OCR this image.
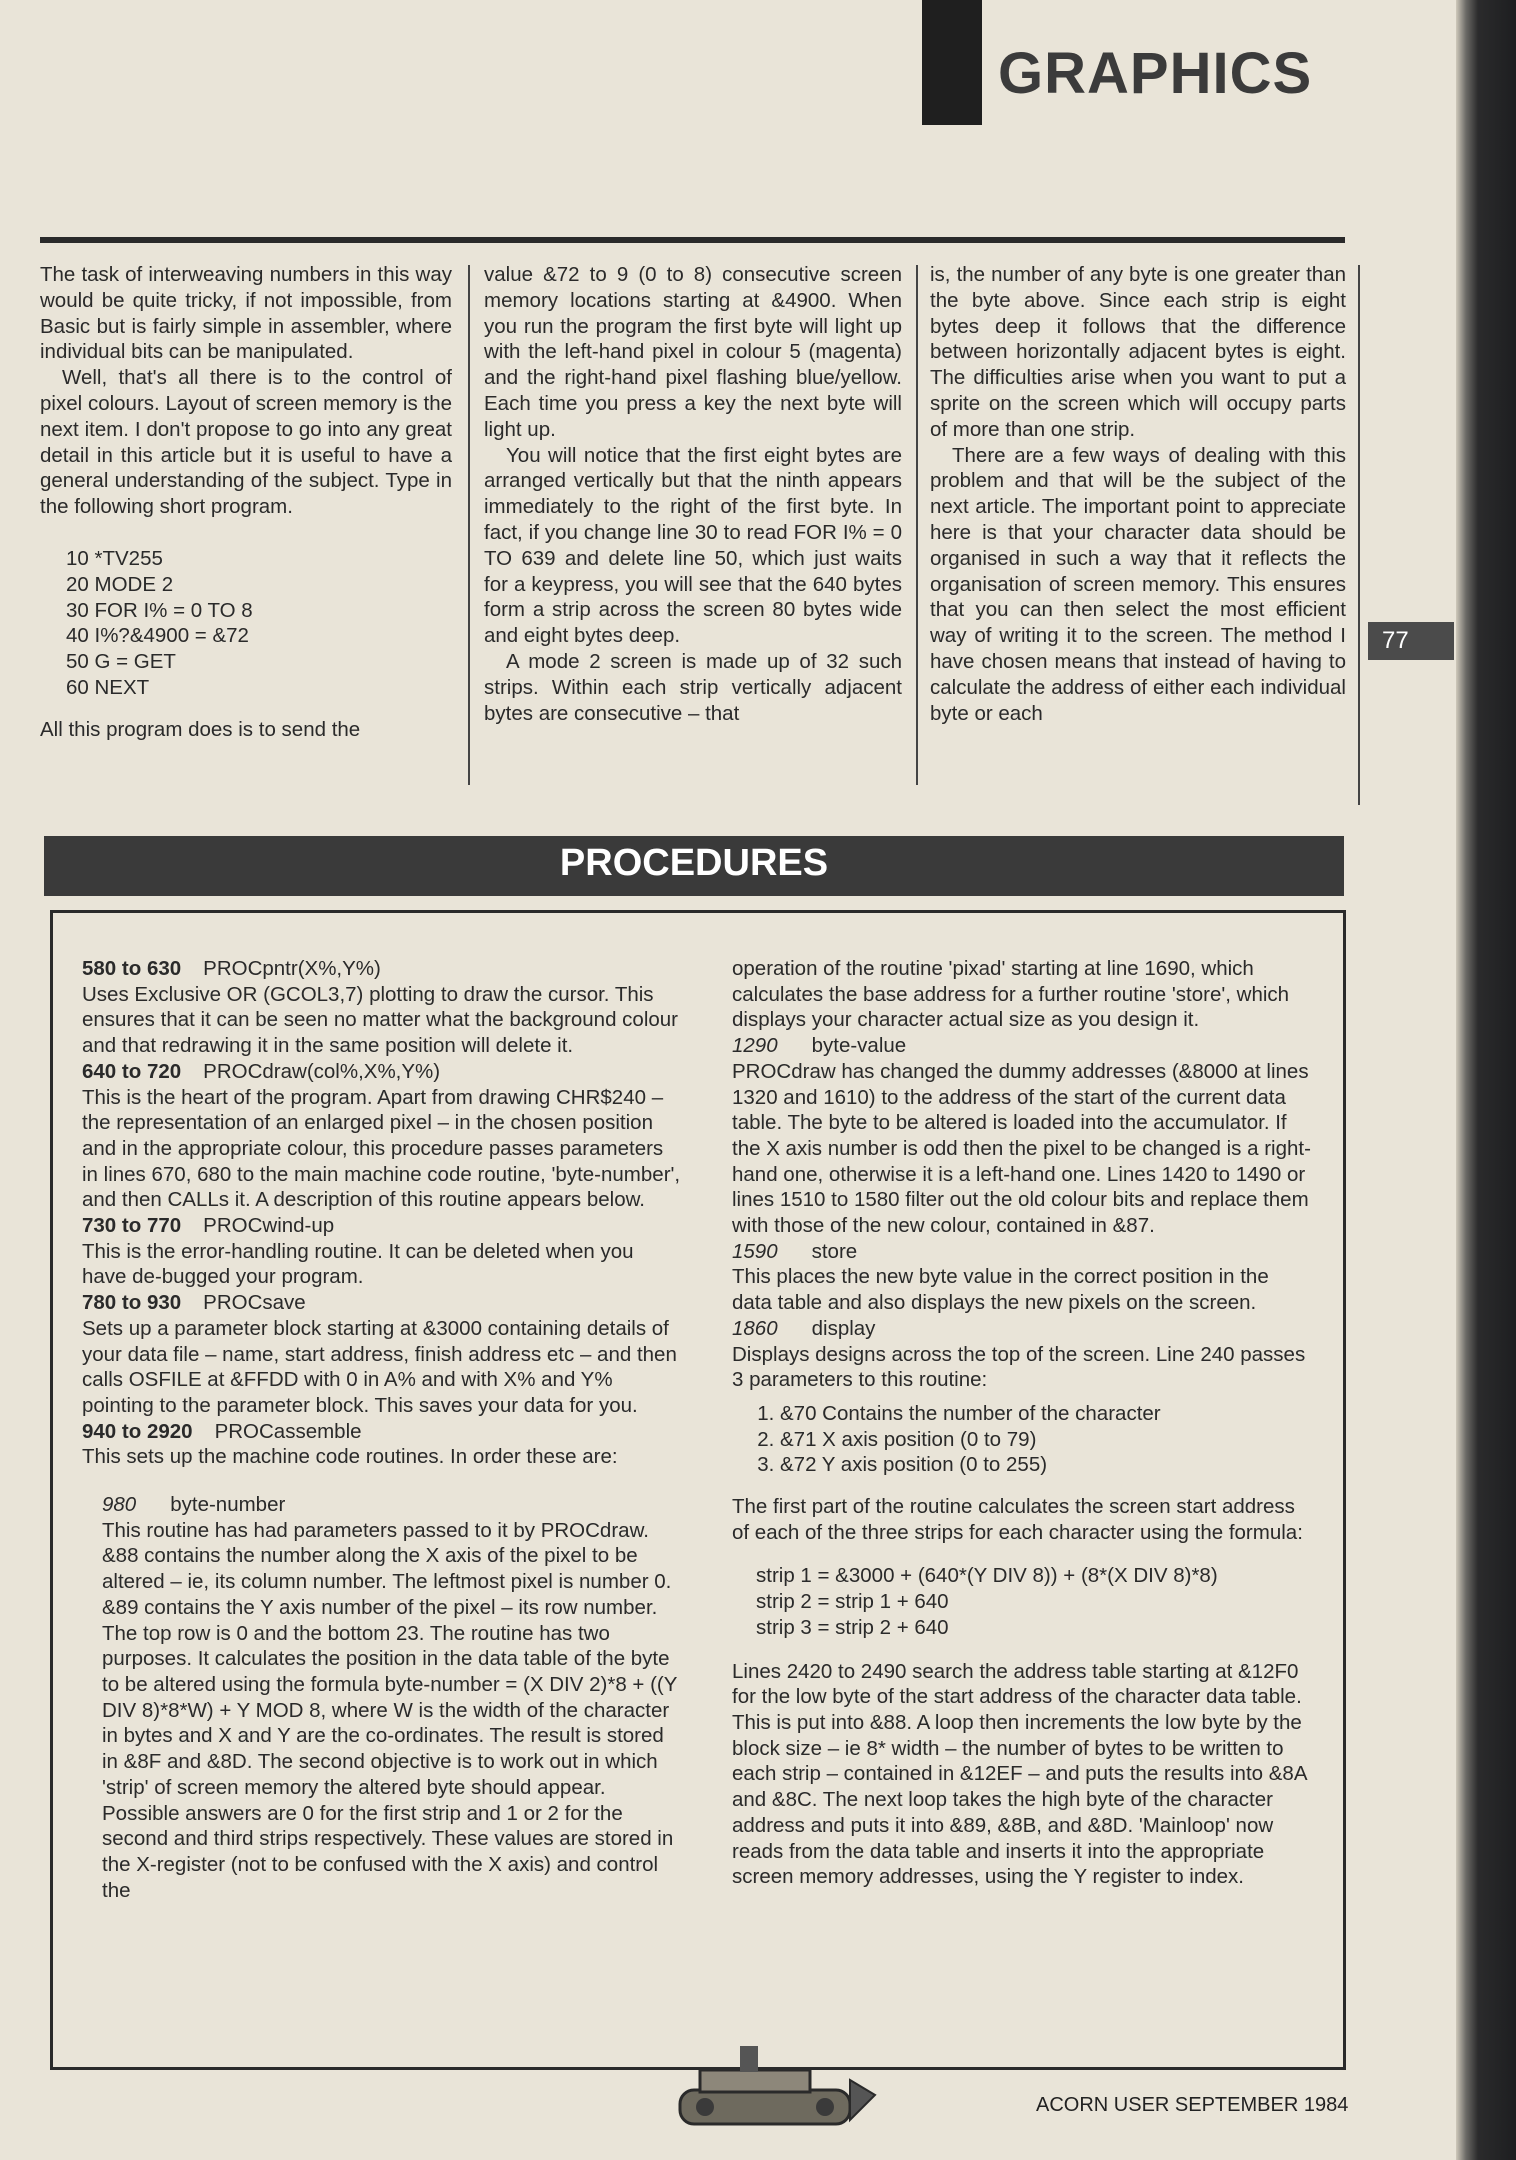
GRAPHICS

The task of interweaving numbers in this way would be quite tricky, if not impossible, from Basic but is fairly simple in assembler, where individual bits can be manipulated.

Well, that's all there is to the control of pixel colours. Layout of screen memory is the next item. I don't propose to go into any great detail in this article but it is useful to have a general understanding of the subject. Type in the following short program.

10 *TV255
20 MODE 2
30 FOR I% = 0 TO 8
40 I%?&4900 = &72
50 G = GET
60 NEXT

All this program does is to send the

value &72 to 9 (0 to 8) consecutive screen memory locations starting at &4900. When you run the program the first byte will light up with the left-hand pixel in colour 5 (magenta) and the right-hand pixel flashing blue/yellow. Each time you press a key the next byte will light up.

You will notice that the first eight bytes are arranged vertically but that the ninth appears immediately to the right of the first byte. In fact, if you change line 30 to read FOR I% = 0 TO 639 and delete line 50, which just waits for a keypress, you will see that the 640 bytes form a strip across the screen 80 bytes wide and eight bytes deep.

A mode 2 screen is made up of 32 such strips. Within each strip vertically adjacent bytes are consecutive – that

is, the number of any byte is one greater than the byte above. Since each strip is eight bytes deep it follows that the difference between horizontally adjacent bytes is eight. The difficulties arise when you want to put a sprite on the screen which will occupy parts of more than one strip.

There are a few ways of dealing with this problem and that will be the subject of the next article. The important point to appreciate here is that your character data should be organised in such a way that it reflects the organisation of screen memory. This ensures that you can then select the most efficient way of writing it to the screen. The method I have chosen means that instead of having to calculate the address of either each individual byte or each

77
PROCEDURES
580 to 630 PROCpntr(X%,Y%)

Uses Exclusive OR (GCOL3,7) plotting to draw the cursor. This ensures that it can be seen no matter what the background colour and that redrawing it in the same position will delete it.

640 to 720 PROCdraw(col%,X%,Y%)

This is the heart of the program. Apart from drawing CHR$240 – the representation of an enlarged pixel – in the chosen position and in the appropriate colour, this procedure passes parameters in lines 670, 680 to the main machine code routine, 'byte-number', and then CALLs it. A description of this routine appears below.

730 to 770 PROCwind-up

This is the error-handling routine. It can be deleted when you have de-bugged your program.

780 to 930 PROCsave

Sets up a parameter block starting at &3000 containing details of your data file – name, start address, finish address etc – and then calls OSFILE at &FFDD with 0 in A% and with X% and Y% pointing to the parameter block. This saves your data for you.

940 to 2920 PROCassemble

This sets up the machine code routines. In order these are:

980 byte-number

This routine has had parameters passed to it by PROCdraw. &88 contains the number along the X axis of the pixel to be altered – ie, its column number. The leftmost pixel is number 0. &89 contains the Y axis number of the pixel – its row number. The top row is 0 and the bottom 23. The routine has two purposes. It calculates the position in the data table of the byte to be altered using the formula byte-number = (X DIV 2)*8 + ((Y DIV 8)*8*W) + Y MOD 8, where W is the width of the character in bytes and X and Y are the co-ordinates. The result is stored in &8F and &8D. The second objective is to work out in which 'strip' of screen memory the altered byte should appear. Possible answers are 0 for the first strip and 1 or 2 for the second and third strips respectively. These values are stored in the X-register (not to be confused with the X axis) and control the

operation of the routine 'pixad' starting at line 1690, which calculates the base address for a further routine 'store', which displays your character actual size as you design it.

1290 byte-value

PROCdraw has changed the dummy addresses (&8000 at lines 1320 and 1610) to the address of the start of the current data table. The byte to be altered is loaded into the accumulator. If the X axis number is odd then the pixel to be changed is a right-hand one, otherwise it is a left-hand one. Lines 1420 to 1490 or lines 1510 to 1580 filter out the old colour bits and replace them with those of the new colour, contained in &87.

1590 store

This places the new byte value in the correct position in the data table and also displays the new pixels on the screen.

1860 display

Displays designs across the top of the screen. Line 240 passes 3 parameters to this routine:

1. &70 Contains the number of the character
2. &71 X axis position (0 to 79)
3. &72 Y axis position (0 to 255)

The first part of the routine calculates the screen start address of each of the three strips for each character using the formula:

strip 1 = &3000 + (640*(Y DIV 8)) + (8*(X DIV 8)*8)
strip 2 = strip 1 + 640
strip 3 = strip 2 + 640

Lines 2420 to 2490 search the address table starting at &12F0 for the low byte of the start address of the character data table. This is put into &88. A loop then increments the low byte by the block size – ie 8* width – the number of bytes to be written to each strip – contained in &12EF – and puts the results into &8A and &8C. The next loop takes the high byte of the character address and puts it into &89, &8B, and &8D. 'Mainloop' now reads from the data table and inserts it into the appropriate screen memory addresses, using the Y register to index.

ACORN USER SEPTEMBER 1984
